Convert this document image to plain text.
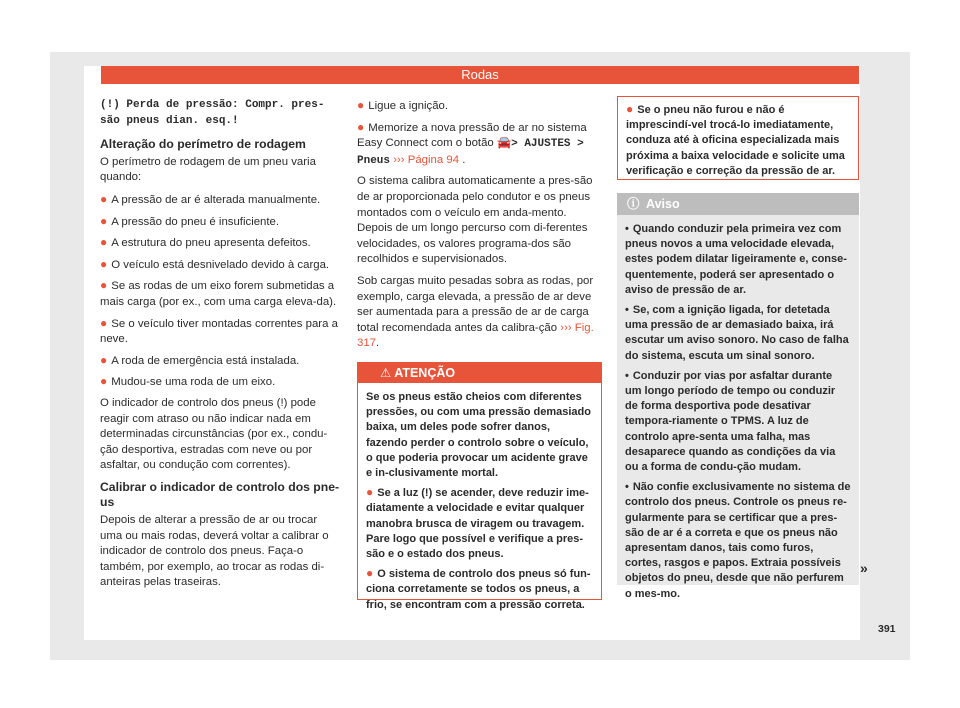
Rodas

(!) Perda de pressão: Compr. pres-
são pneus dian. esq.!

Alteração do perímetro de rodagem

O perímetro de rodagem de um pneu varia quando:

● A pressão de ar é alterada manualmente.
● A pressão do pneu é insuficiente.
● A estrutura do pneu apresenta defeitos.
● O veículo está desnivelado devido à carga.
● Se as rodas de um eixo forem submetidas a mais carga (por ex., com uma carga eleva-da).
● Se o veículo tiver montadas correntes para a neve.
● A roda de emergência está instalada.
● Mudou-se uma roda de um eixo.

O indicador de controlo dos pneus (!) pode reagir com atraso ou não indicar nada em determinadas circunstâncias (por ex., condu-ção desportiva, estradas com neve ou por asfaltar, ou condução com correntes).

Calibrar o indicador de controlo dos pne-us

Depois de alterar a pressão de ar ou trocar uma ou mais rodas, deverá voltar a calibrar o indicador de controlo dos pneus. Faça-o também, por exemplo, ao trocar as rodas di-anteiras pelas traseiras.

● Ligue a ignição.
● Memorize a nova pressão de ar no sistema Easy Connect com o botão 🚘> AJUSTES > Pneus ››› Página 94 .

O sistema calibra automaticamente a pres-são de ar proporcionada pelo condutor e os pneus montados com o veículo em anda-mento. Depois de um longo percurso com di-ferentes velocidades, os valores programa-dos são recolhidos e supervisionados.

Sob cargas muito pesadas sobra as rodas, por exemplo, carga elevada, a pressão de ar deve ser aumentada para a pressão de ar de carga total recomendada antes da calibra-ção ››› Fig. 317.

⚠ ATENÇÃO

Se os pneus estão cheios com diferentes pressões, ou com uma pressão demasiado baixa, um deles pode sofrer danos, fazendo perder o controlo sobre o veículo, o que poderia provocar um acidente grave e in-clusivamente mortal.

● Se a luz (!) se acender, deve reduzir ime-diatamente a velocidade e evitar qualquer manobra brusca de viragem ou travagem. Pare logo que possível e verifique a pres-são e o estado dos pneus.

● O sistema de controlo dos pneus só fun-ciona corretamente se todos os pneus, a frio, se encontram com a pressão correta.

● Se o pneu não furou e não é imprescindí-vel trocá-lo imediatamente, conduza até à oficina especializada mais próxima a baixa velocidade e solicite uma verificação e correção da pressão de ar.
ⓘ Aviso

• Quando conduzir pela primeira vez com pneus novos a uma velocidade elevada, estes podem dilatar ligeiramente e, conse-quentemente, poderá ser apresentado o aviso de pressão de ar.

• Se, com a ignição ligada, for detetada uma pressão de ar demasiado baixa, irá escutar um aviso sonoro. No caso de falha do sistema, escuta um sinal sonoro.

• Conduzir por vias por asfaltar durante um longo período de tempo ou conduzir de forma desportiva pode desativar tempora-riamente o TPMS. A luz de controlo apre-senta uma falha, mas desaparece quando as condições da via ou a forma de condu-ção mudam.

• Não confie exclusivamente no sistema de controlo dos pneus. Controle os pneus re-gularmente para se certificar que a pres-são de ar é a correta e que os pneus não apresentam danos, tais como furos, cortes, rasgos e papos. Extraia possíveis objetos do pneu, desde que não perfurem o mes-mo.

»
391
